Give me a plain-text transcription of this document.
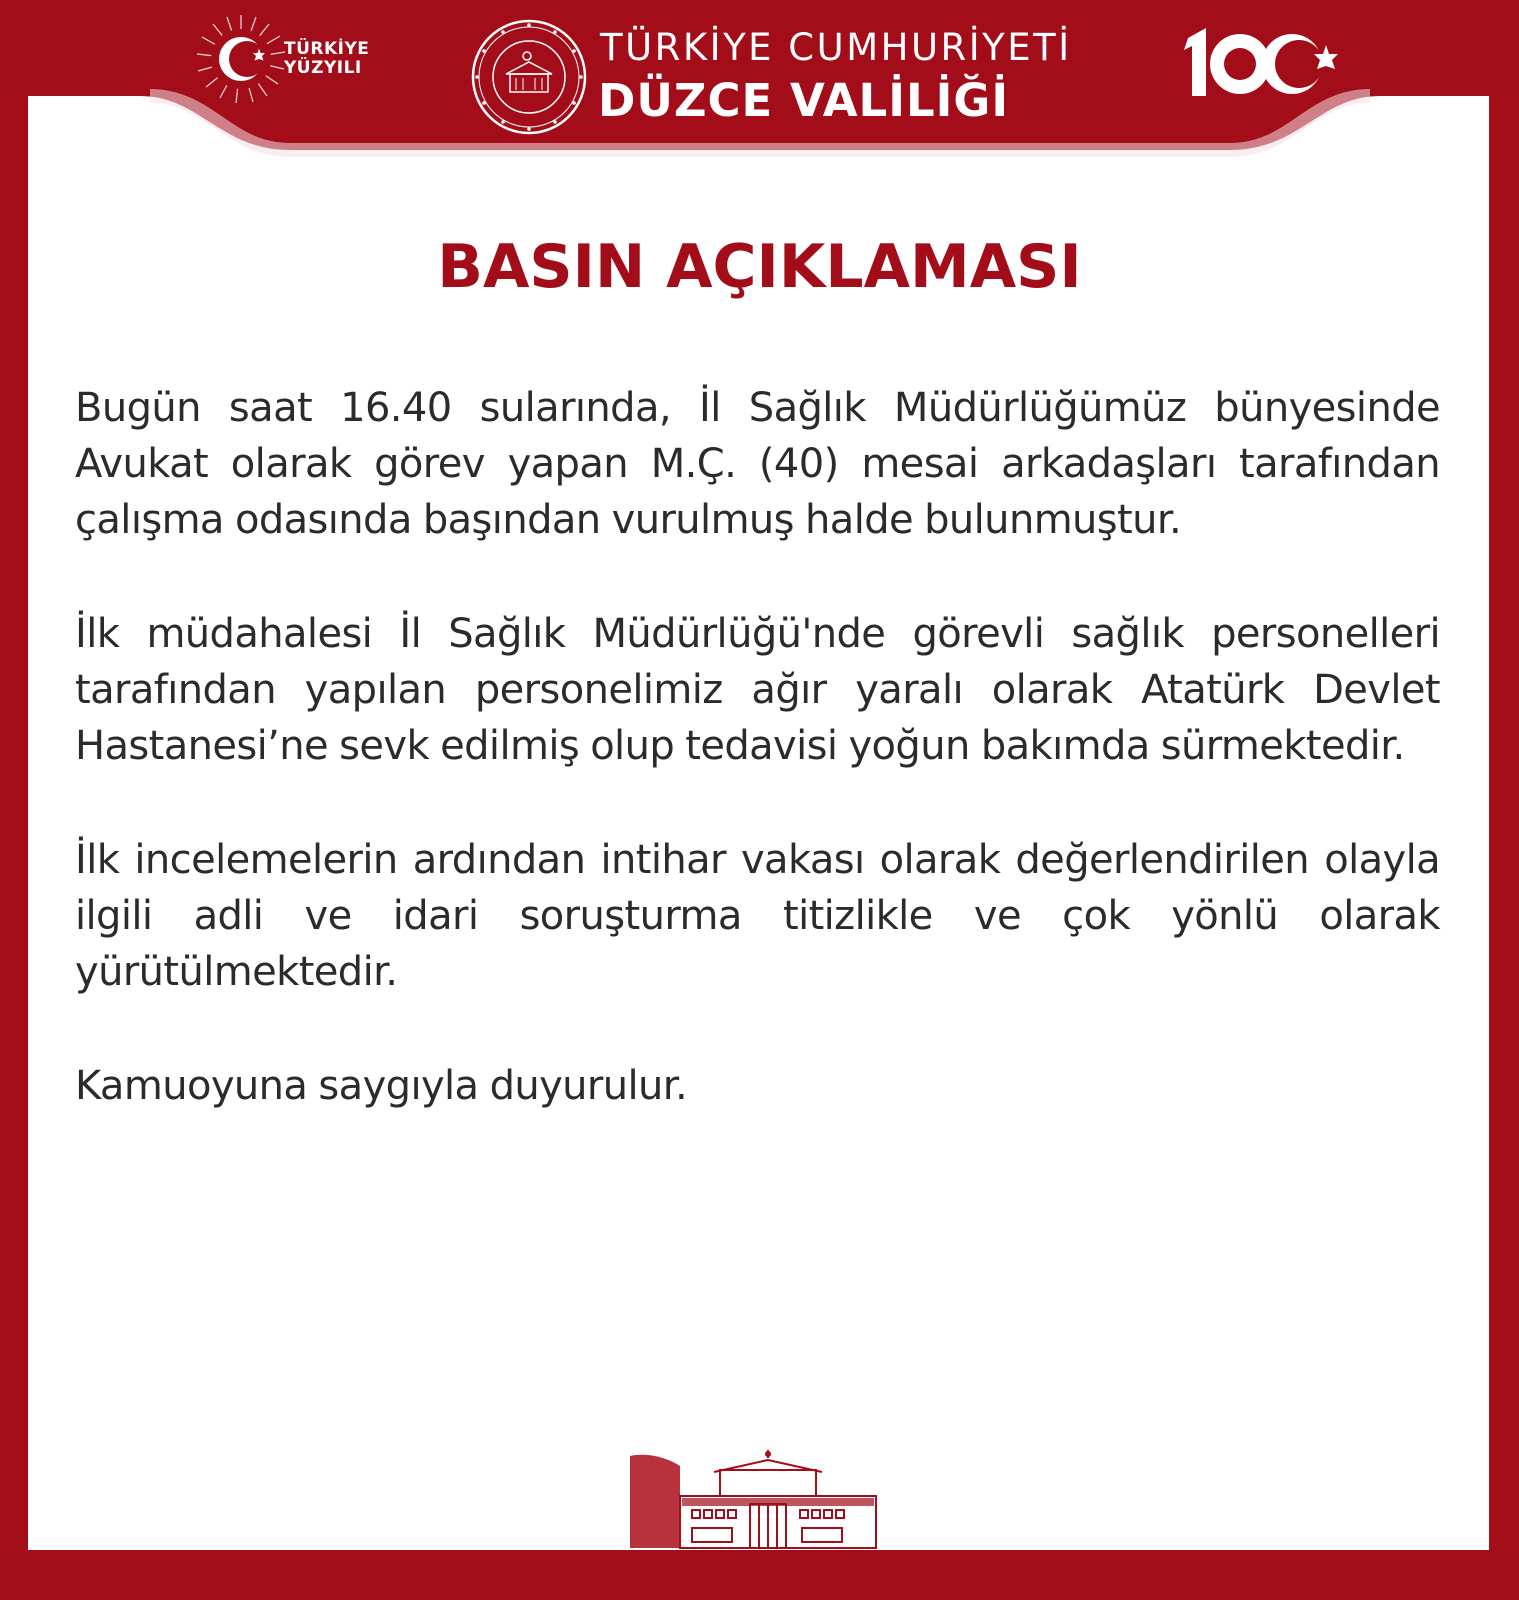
TÜRKİYE
YÜZYILI	TÜRKİYE CUMHURİYETİ
DÜZCE VALİLİĞİ
BASIN AÇIKLAMASI

Bugün saat 16.40 sularında, İl Sağlık Müdürlüğümüz bünyesinde Avukat olarak görev yapan M.Ç. (40) mesai arkadaşları tarafından çalışma odasında başından vurulmuş halde bulunmuştur.

İlk müdahalesi İl Sağlık Müdürlüğü'nde görevli sağlık personelleri tarafından yapılan personelimiz ağır yaralı olarak Atatürk Devlet Hastanesi’ne sevk edilmiş olup tedavisi yoğun bakımda sürmektedir.

İlk incelemelerin ardından intihar vakası olarak değerlendirilen olayla ilgili adli ve idari soruşturma titizlikle ve çok yönlü olarak yürütülmektedir.

Kamuoyuna saygıyla duyurulur.
